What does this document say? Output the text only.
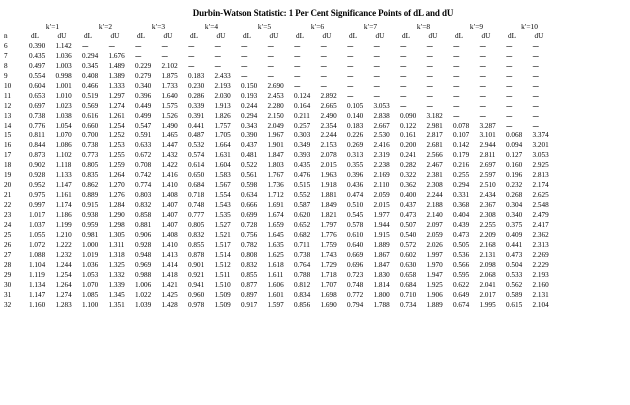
Durbin-Watson Statistic: 1 Per Cent Significance Points of dL and dU
	k′=1		k′=2		k′=3		k′=4		k′=5		k′=6		k′=7		k′=8		k′=9		k′=10	
n	dL	dU	dL	dU	dL	dU	dL	dU	dL	dU	dL	dU	dL	dU	dL	dU	dL	dU	dL	dU
6	0.390	1.142	----	----	----	----	----	----	----	----	----	----	----	----	----	----	----	----	----	----
7	0.435	1.036	0.294	1.676	----	----	----	----	----	----	----	----	----	----	----	----	----	----	----	----
8	0.497	1.003	0.345	1.489	0.229	2.102	----	----	----	----	----	----	----	----	----	----	----	----	----	----
9	0.554	0.998	0.408	1.389	0.279	1.875	0.183	2.433	----	----	----	----	----	----	----	----	----	----	----	----
10	0.604	1.001	0.466	1.333	0.340	1.733	0.230	2.193	0.150	2.690	----	----	----	----	----	----	----	----	----	----
11	0.653	1.010	0.519	1.297	0.396	1.640	0.286	2.030	0.193	2.453	0.124	2.892	----	----	----	----	----	----	----	----
12	0.697	1.023	0.569	1.274	0.449	1.575	0.339	1.913	0.244	2.280	0.164	2.665	0.105	3.053	----	----	----	----	----	----
13	0.738	1.038	0.616	1.261	0.499	1.526	0.391	1.826	0.294	2.150	0.211	2.490	0.140	2.838	0.090	3.182	----	----	----	----
14	0.776	1.054	0.660	1.254	0.547	1.490	0.441	1.757	0.343	2.049	0.257	2.354	0.183	2.667	0.122	2.981	0.078	3.287	----	----
15	0.811	1.070	0.700	1.252	0.591	1.465	0.487	1.705	0.390	1.967	0.303	2.244	0.226	2.530	0.161	2.817	0.107	3.101	0.068	3.374
16	0.844	1.086	0.738	1.253	0.633	1.447	0.532	1.664	0.437	1.901	0.349	2.153	0.269	2.416	0.200	2.681	0.142	2.944	0.094	3.201
17	0.873	1.102	0.773	1.255	0.672	1.432	0.574	1.631	0.481	1.847	0.393	2.078	0.313	2.319	0.241	2.566	0.179	2.811	0.127	3.053
18	0.902	1.118	0.805	1.259	0.708	1.422	0.614	1.604	0.522	1.803	0.435	2.015	0.355	2.238	0.282	2.467	0.216	2.697	0.160	2.925
19	0.928	1.133	0.835	1.264	0.742	1.416	0.650	1.583	0.561	1.767	0.476	1.963	0.396	2.169	0.322	2.381	0.255	2.597	0.196	2.813
20	0.952	1.147	0.862	1.270	0.774	1.410	0.684	1.567	0.598	1.736	0.515	1.918	0.436	2.110	0.362	2.308	0.294	2.510	0.232	2.174
21	0.975	1.161	0.889	1.276	0.803	1.408	0.718	1.554	0.634	1.712	0.552	1.881	0.474	2.059	0.400	2.244	0.331	2.434	0.268	2.625
22	0.997	1.174	0.915	1.284	0.832	1.407	0.748	1.543	0.666	1.691	0.587	1.849	0.510	2.015	0.437	2.188	0.368	2.367	0.304	2.548
23	1.017	1.186	0.938	1.290	0.858	1.407	0.777	1.535	0.699	1.674	0.620	1.821	0.545	1.977	0.473	2.140	0.404	2.308	0.340	2.479
24	1.037	1.199	0.959	1.298	0.881	1.407	0.805	1.527	0.728	1.659	0.652	1.797	0.578	1.944	0.507	2.097	0.439	2.255	0.375	2.417
25	1.055	1.210	0.981	1.305	0.906	1.408	0.832	1.521	0.756	1.645	0.682	1.776	0.610	1.915	0.540	2.059	0.473	2.209	0.409	2.362
26	1.072	1.222	1.000	1.311	0.928	1.410	0.855	1.517	0.782	1.635	0.711	1.759	0.640	1.889	0.572	2.026	0.505	2.168	0.441	2.313
27	1.088	1.232	1.019	1.318	0.948	1.413	0.878	1.514	0.808	1.625	0.738	1.743	0.669	1.867	0.602	1.997	0.536	2.131	0.473	2.269
28	1.104	1.244	1.036	1.325	0.969	1.414	0.901	1.512	0.832	1.618	0.764	1.729	0.696	1.847	0.630	1.970	0.566	2.098	0.504	2.229
29	1.119	1.254	1.053	1.332	0.988	1.418	0.921	1.511	0.855	1.611	0.788	1.718	0.723	1.830	0.658	1.947	0.595	2.068	0.533	2.193
30	1.134	1.264	1.070	1.339	1.006	1.421	0.941	1.510	0.877	1.606	0.812	1.707	0.748	1.814	0.684	1.925	0.622	2.041	0.562	2.160
31	1.147	1.274	1.085	1.345	1.022	1.425	0.960	1.509	0.897	1.601	0.834	1.698	0.772	1.800	0.710	1.906	0.649	2.017	0.589	2.131
32	1.160	1.283	1.100	1.351	1.039	1.428	0.978	1.509	0.917	1.597	0.856	1.690	0.794	1.788	0.734	1.889	0.674	1.995	0.615	2.104
